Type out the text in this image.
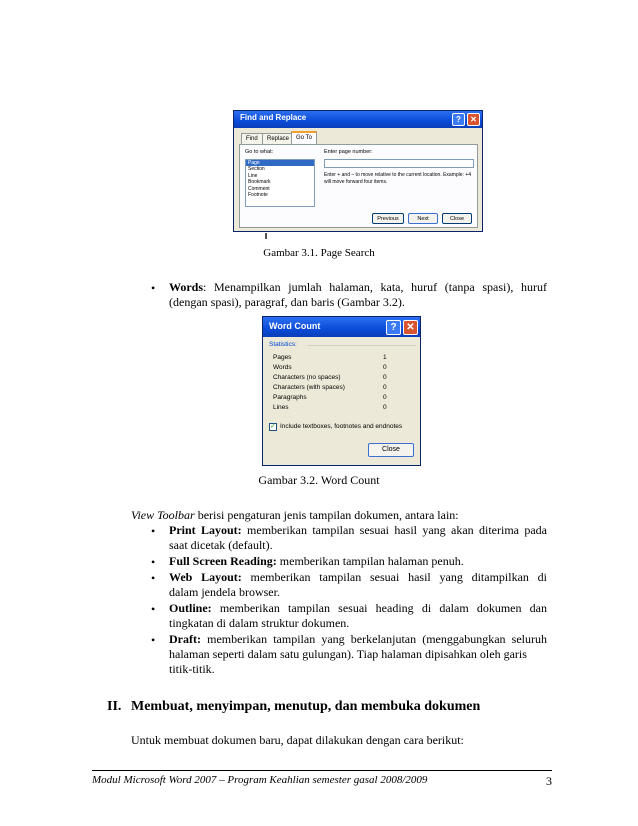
Find and Replace	?	✕
Find	Replace	Go To
Go to what:
Page
Section
Line
Bookmark
Comment
Footnote
Enter page number:
Enter + and – to move relative to the current location. Example: +4 will move forward four items.
Previous	Next	Close
Gambar 3.1. Page Search
• Words: Menampilkan jumlah halaman, kata, huruf (tanpa spasi), huruf (dengan spasi), paragraf, dan baris (Gambar 3.2).
Word Count	? ✕
Statistics:
Pages	1
Words	0
Characters (no spaces)	0
Characters (with spaces)	0
Paragraphs	0
Lines	0
✓ Include textboxes, footnotes and endnotes
Close
Gambar 3.2. Word Count
View Toolbar berisi pengaturan jenis tampilan dokumen, antara lain:
• Print Layout: memberikan tampilan sesuai hasil yang akan diterima pada
saat dicetak (default).
• Full Screen Reading: memberikan tampilan halaman penuh.
• Web Layout: memberikan tampilan sesuai hasil yang ditampilkan di
dalam jendela browser.
• Outline: memberikan tampilan sesuai heading di dalam dokumen dan
tingkatan di dalam struktur dokumen.
• Draft: memberikan tampilan yang berkelanjutan (menggabungkan seluruh
halaman seperti dalam satu gulungan). Tiap halaman dipisahkan oleh garis
titik-titik.
II. Membuat, menyimpan, menutup, dan membuka dokumen
Untuk membuat dokumen baru, dapat dilakukan dengan cara berikut:
Modul Microsoft Word 2007 – Program Keahlian semester gasal 2008/2009	3
